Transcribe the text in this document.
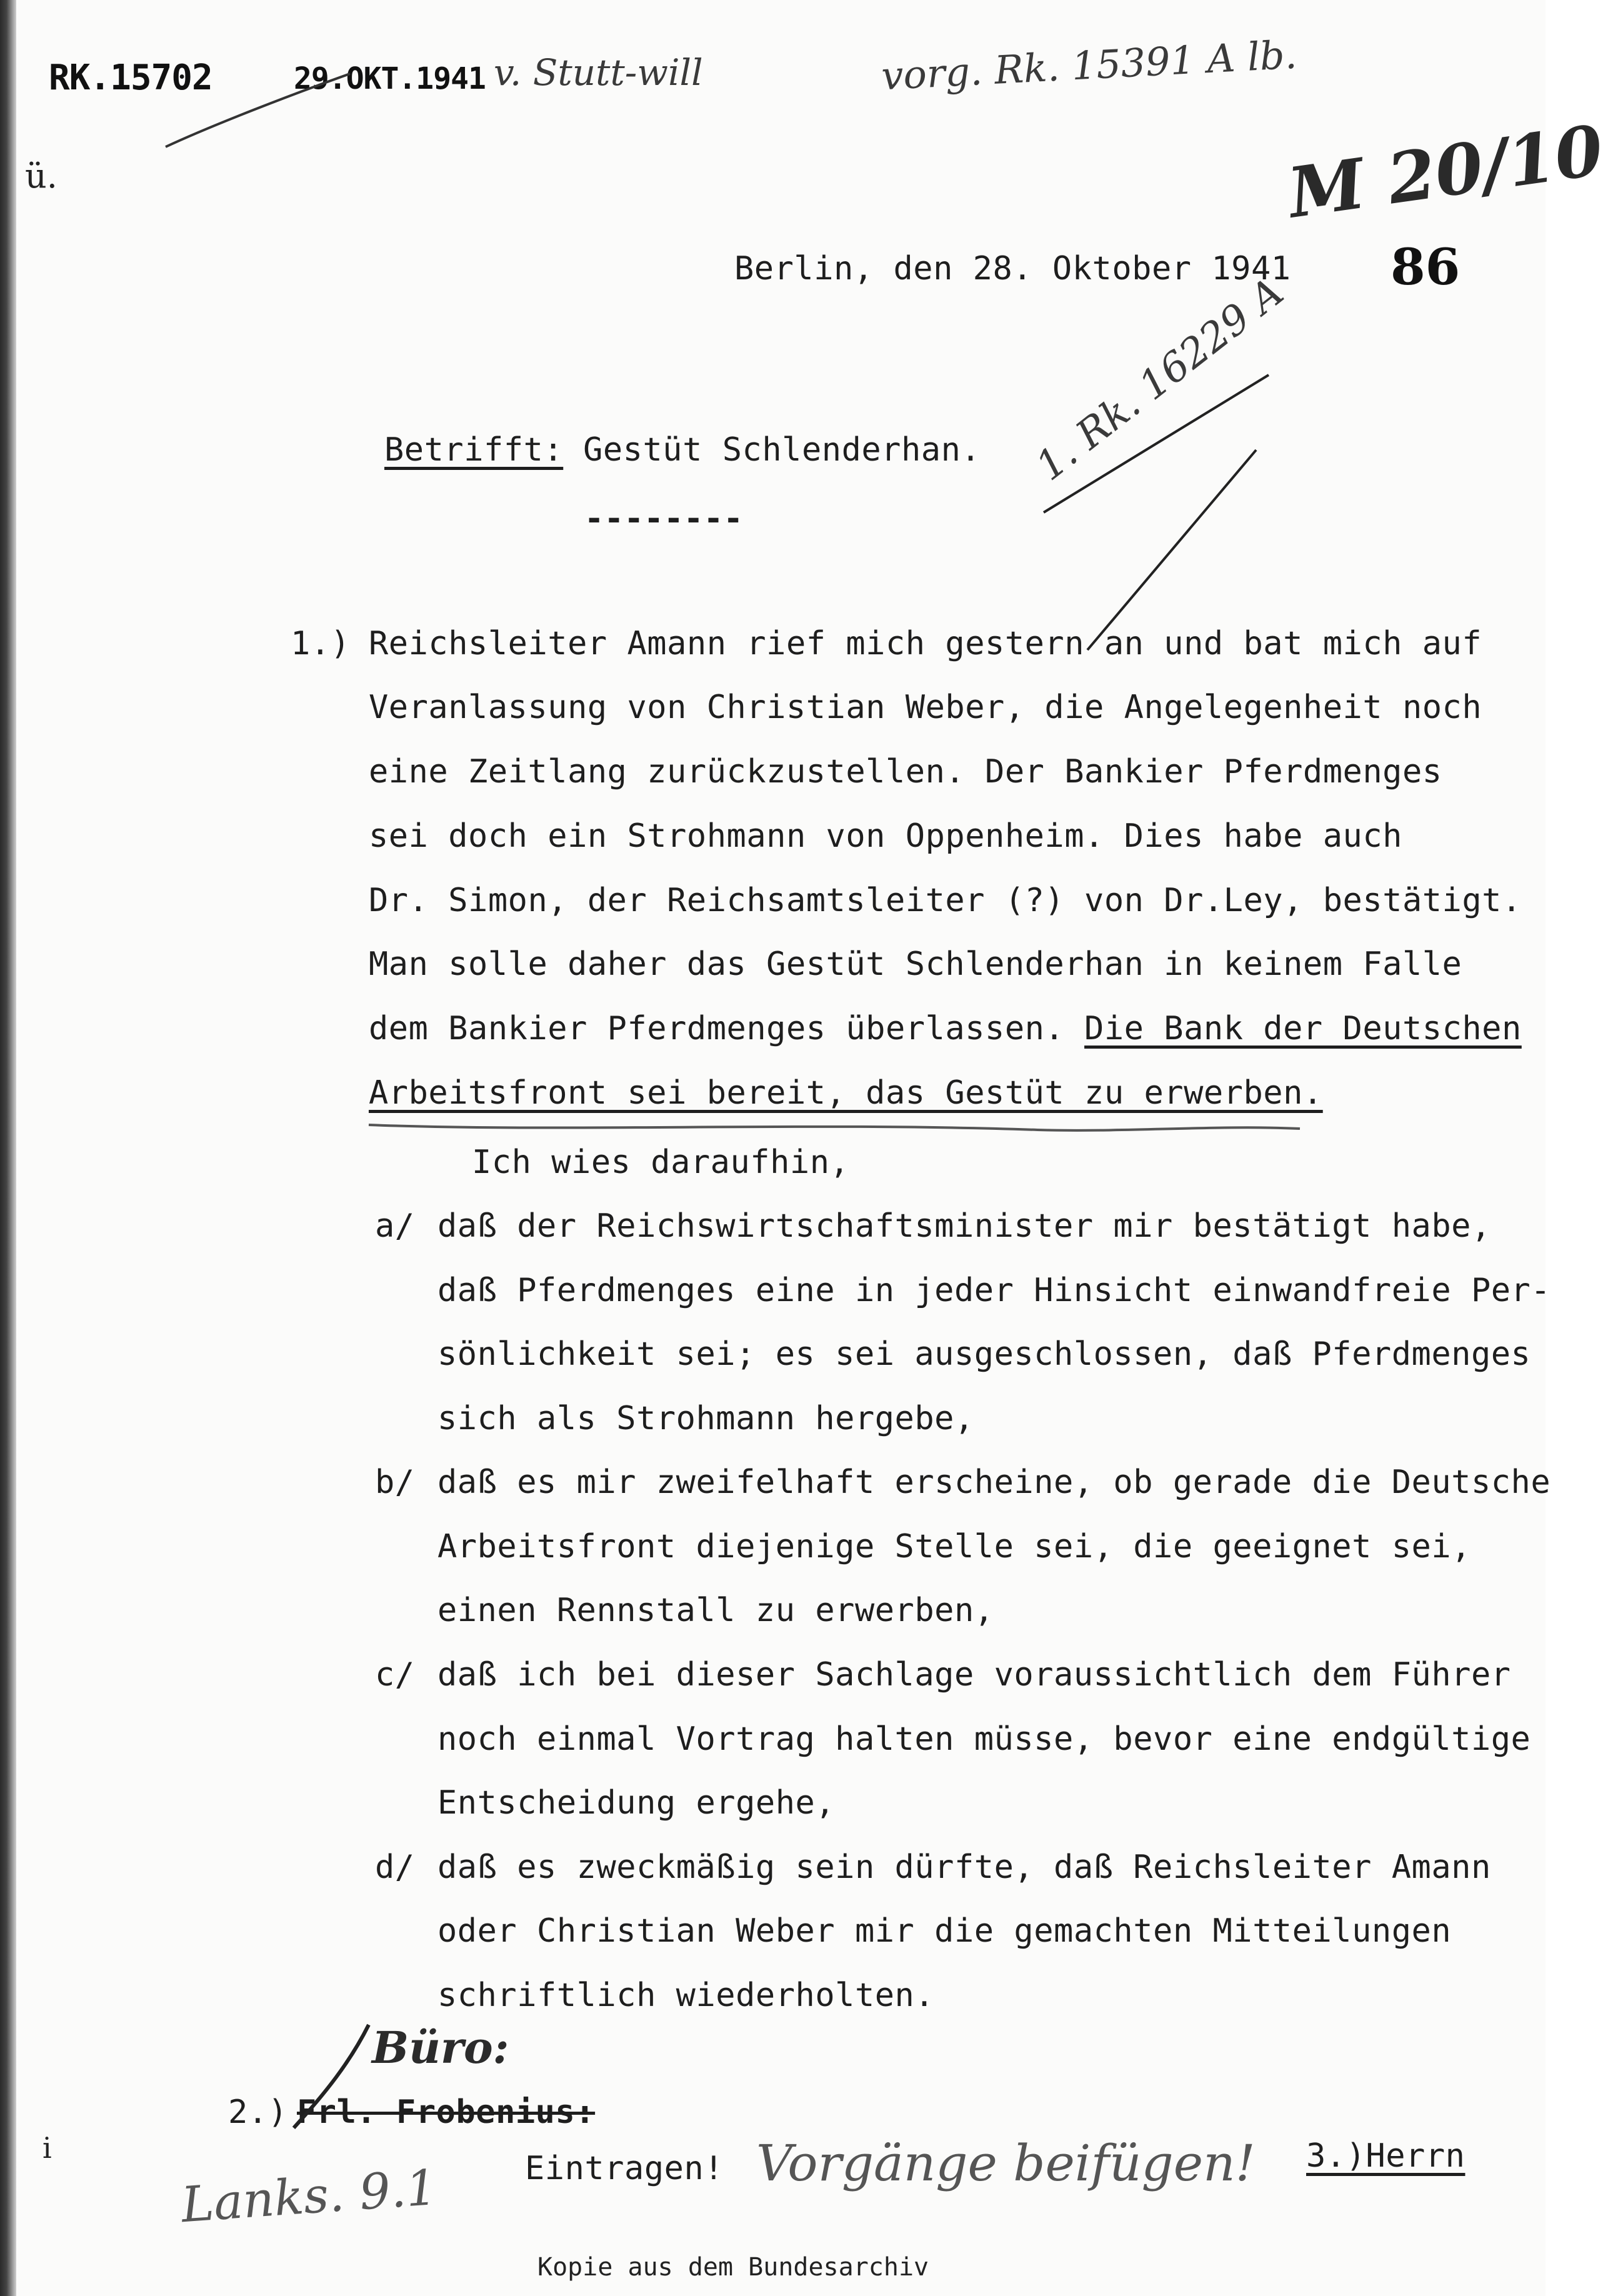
ü.
i
RK.15702	29.OKT.1941 v. Stutt-will	vorg. Rk. 15391 A lb.
M 20/10
Berlin, den 28. Oktober 1941 86
Betrifft: Gestüt Schlenderhan.
--------
1. Rk. 16229 A
1.) Reichsleiter Amann rief mich gestern an und bat mich auf
Veranlassung von Christian Weber, die Angelegenheit noch
eine Zeitlang zurückzustellen. Der Bankier Pferdmenges
sei doch ein Strohmann von Oppenheim. Dies habe auch
Dr. Simon, der Reichsamtsleiter (?) von Dr.Ley, bestätigt.
Man solle daher das Gestüt Schlenderhan in keinem Falle
dem Bankier Pferdmenges überlassen. Die Bank der Deutschen
Arbeitsfront sei bereit, das Gestüt zu erwerben.
Ich wies daraufhin,
a/ daß der Reichswirtschaftsminister mir bestätigt habe,
daß Pferdmenges eine in jeder Hinsicht einwandfreie Per-
sönlichkeit sei; es sei ausgeschlossen, daß Pferdmenges
sich als Strohmann hergebe,
b/ daß es mir zweifelhaft erscheine, ob gerade die Deutsche
Arbeitsfront diejenige Stelle sei, die geeignet sei,
einen Rennstall zu erwerben,
c/ daß ich bei dieser Sachlage voraussichtlich dem Führer
noch einmal Vortrag halten müsse, bevor eine endgültige
Entscheidung ergehe,
d/ daß es zweckmäßig sein dürfte, daß Reichsleiter Amann
oder Christian Weber mir die gemachten Mitteilungen
schriftlich wiederholten.
Büro:
2.) Frl. Frobenius:
Eintragen! Vorgänge beifügen! 3.)Herrn
Lanks. 9.1
Kopie aus dem Bundesarchiv
